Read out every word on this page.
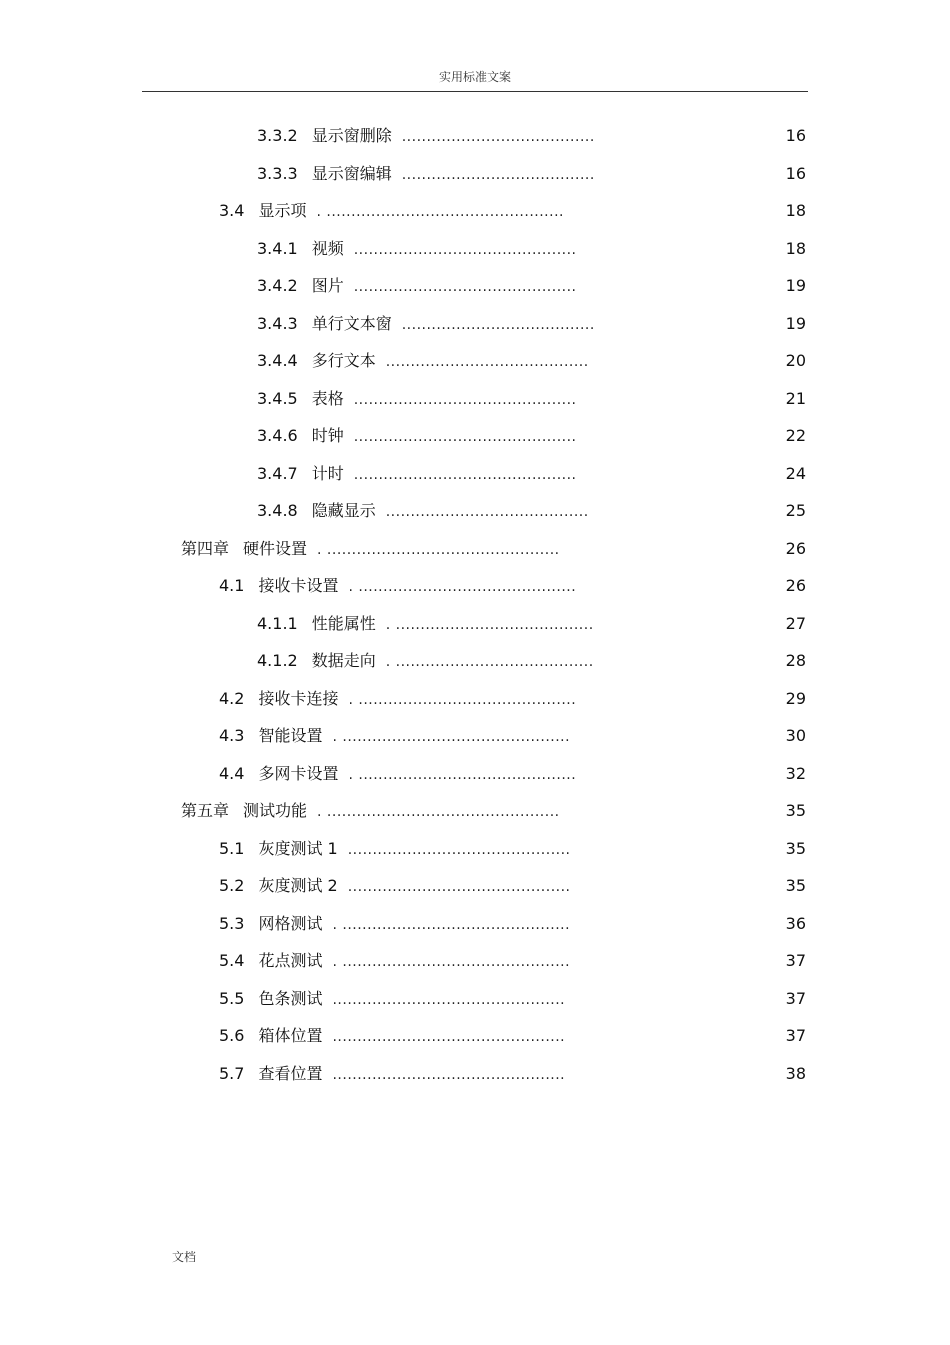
实用标准文案
3.3.2 显示窗删除 .......................................	16
3.3.3 显示窗编辑 .......................................	16
3.4 显示项 . ................................................	18
3.4.1 视频 .............................................	18
3.4.2 图片 .............................................	19
3.4.3 单行文本窗 .......................................	19
3.4.4 多行文本 .........................................	20
3.4.5 表格 .............................................	21
3.4.6 时钟 .............................................	22
3.4.7 计时 .............................................	24
3.4.8 隐藏显示 .........................................	25
第四章 硬件设置 . ...............................................	26
4.1 接收卡设置 . ............................................	26
4.1.1 性能属性 . ........................................	27
4.1.2 数据走向 . ........................................	28
4.2 接收卡连接 . ............................................	29
4.3 智能设置 . ..............................................	30
4.4 多网卡设置 . ............................................	32
第五章 测试功能 . ...............................................	35
5.1 灰度测试 1 .............................................	35
5.2 灰度测试 2 .............................................	35
5.3 网格测试 . ..............................................	36
5.4 花点测试 . ..............................................	37
5.5 色条测试 ...............................................	37
5.6 箱体位置 ...............................................	37
5.7 查看位置 ...............................................	38
文档
